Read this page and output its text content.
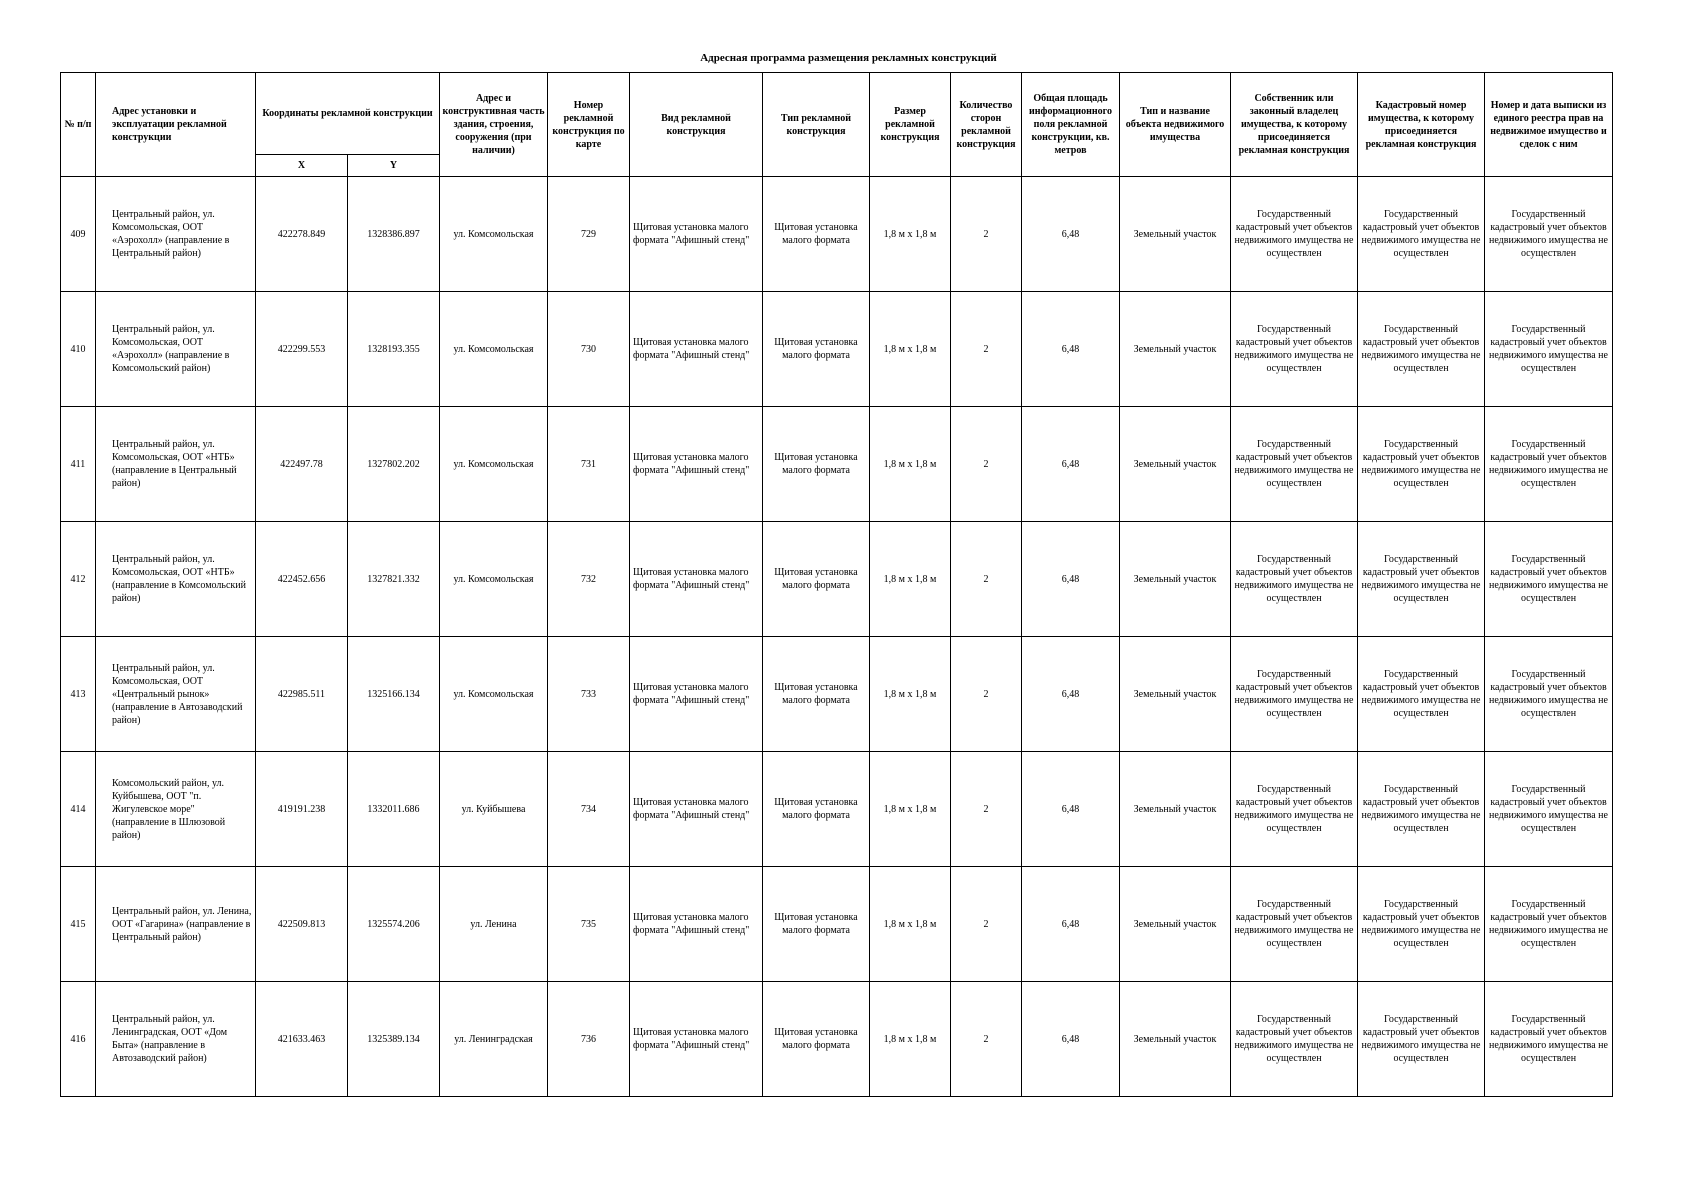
Адресная программа размещения рекламных конструкций
№ п/п	Адрес установки и эксплуатации рекламной конструкции	Координаты рекламной конструкции		Адрес и конструктивная часть здания, строения, сооружения (при наличии)	Номер рекламной конструкция по карте	Вид рекламной конструкция	Тип рекламной конструкция	Размер рекламной конструкция	Количество сторон рекламной конструкция	Общая площадь информационного поля рекламной конструкции, кв. метров	Тип и название объекта недвижимого имущества	Собственник или законный владелец имущества, к которому присоединяется рекламная конструкция	Кадастровый номер имущества, к которому присоединяется рекламная конструкция	Номер и дата выписки из единого реестра прав на недвижимое имущество и сделок с ним
		X	Y											
409	Центральный район, ул. Комсомольская, ООТ «Аэрохолл» (направление в Центральный район)	422278.849	1328386.897	ул. Комсомольская	729	Щитовая установка малого формата "Афишный стенд"	Щитовая установка малого формата	1,8 м х 1,8 м	2	6,48	Земельный участок	Государственный кадастровый учет объектов недвижимого имущества не осуществлен	Государственный кадастровый учет объектов недвижимого имущества не осуществлен	Государственный кадастровый учет объектов недвижимого имущества не осуществлен
410	Центральный район, ул. Комсомольская, ООТ «Аэрохолл» (направление в Комсомольский район)	422299.553	1328193.355	ул. Комсомольская	730	Щитовая установка малого формата "Афишный стенд"	Щитовая установка малого формата	1,8 м х 1,8 м	2	6,48	Земельный участок	Государственный кадастровый учет объектов недвижимого имущества не осуществлен	Государственный кадастровый учет объектов недвижимого имущества не осуществлен	Государственный кадастровый учет объектов недвижимого имущества не осуществлен
411	Центральный район, ул. Комсомольская, ООТ «НТБ» (направление в Центральный район)	422497.78	1327802.202	ул. Комсомольская	731	Щитовая установка малого формата "Афишный стенд"	Щитовая установка малого формата	1,8 м х 1,8 м	2	6,48	Земельный участок	Государственный кадастровый учет объектов недвижимого имущества не осуществлен	Государственный кадастровый учет объектов недвижимого имущества не осуществлен	Государственный кадастровый учет объектов недвижимого имущества не осуществлен
412	Центральный район, ул. Комсомольская, ООТ «НТБ» (направление в Комсомольский район)	422452.656	1327821.332	ул. Комсомольская	732	Щитовая установка малого формата "Афишный стенд"	Щитовая установка малого формата	1,8 м х 1,8 м	2	6,48	Земельный участок	Государственный кадастровый учет объектов недвижимого имущества не осуществлен	Государственный кадастровый учет объектов недвижимого имущества не осуществлен	Государственный кадастровый учет объектов недвижимого имущества не осуществлен
413	Центральный район, ул. Комсомольская, ООТ «Центральный рынок» (направление в Автозаводский район)	422985.511	1325166.134	ул. Комсомольская	733	Щитовая установка малого формата "Афишный стенд"	Щитовая установка малого формата	1,8 м х 1,8 м	2	6,48	Земельный участок	Государственный кадастровый учет объектов недвижимого имущества не осуществлен	Государственный кадастровый учет объектов недвижимого имущества не осуществлен	Государственный кадастровый учет объектов недвижимого имущества не осуществлен
414	Комсомольский район, ул. Куйбышева, ООТ "п. Жигулевское море" (направление в Шлюзовой район)	419191.238	1332011.686	ул. Куйбышева	734	Щитовая установка малого формата "Афишный стенд"	Щитовая установка малого формата	1,8 м х 1,8 м	2	6,48	Земельный участок	Государственный кадастровый учет объектов недвижимого имущества не осуществлен	Государственный кадастровый учет объектов недвижимого имущества не осуществлен	Государственный кадастровый учет объектов недвижимого имущества не осуществлен
415	Центральный район, ул. Ленина, ООТ «Гагарина» (направление в Центральный район)	422509.813	1325574.206	ул. Ленина	735	Щитовая установка малого формата "Афишный стенд"	Щитовая установка малого формата	1,8 м х 1,8 м	2	6,48	Земельный участок	Государственный кадастровый учет объектов недвижимого имущества не осуществлен	Государственный кадастровый учет объектов недвижимого имущества не осуществлен	Государственный кадастровый учет объектов недвижимого имущества не осуществлен
416	Центральный район, ул. Ленинградская, ООТ «Дом Быта» (направление в Автозаводский район)	421633.463	1325389.134	ул. Ленинградская	736	Щитовая установка малого формата "Афишный стенд"	Щитовая установка малого формата	1,8 м х 1,8 м	2	6,48	Земельный участок	Государственный кадастровый учет объектов недвижимого имущества не осуществлен	Государственный кадастровый учет объектов недвижимого имущества не осуществлен	Государственный кадастровый учет объектов недвижимого имущества не осуществлен
